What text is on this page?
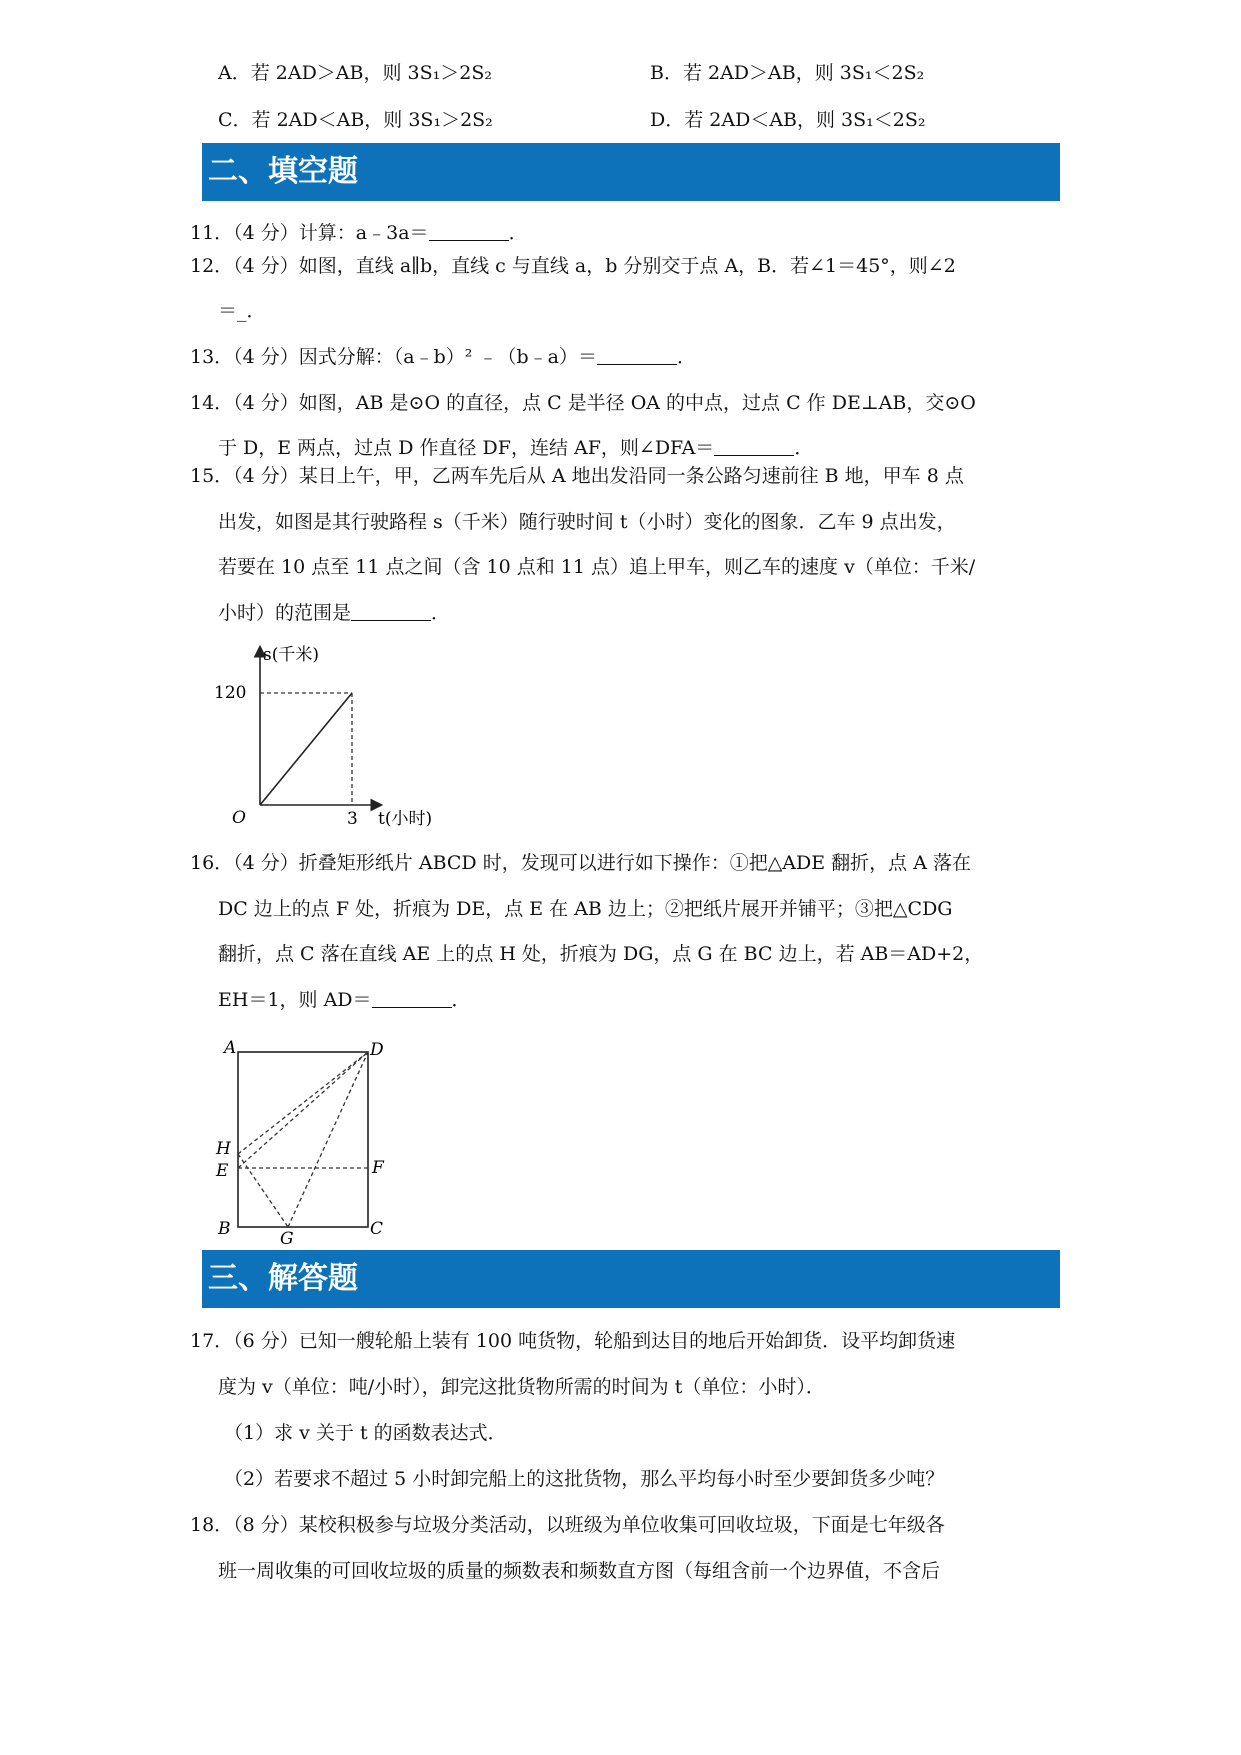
A．若 2AD＞AB，则 3S₁＞2S₂	B．若 2AD＞AB，则 3S₁＜2S₂
C．若 2AD＜AB，则 3S₁＞2S₂	D．若 2AD＜AB，则 3S₁＜2S₂
二、填空题
11．（4 分）计算：a﹣3a＝	．
12．（4 分）如图，直线 a∥b，直线 c 与直线 a，b 分别交于点 A，B．若∠1＝45°，则∠2
＝_．
13．（4 分）因式分解：（a﹣b）² ﹣（b﹣a）＝	．
14．（4 分）如图，AB 是⊙O 的直径，点 C 是半径 OA 的中点，过点 C 作 DE⊥AB，交⊙O
于 D，E 两点，过点 D 作直径 DF，连结 AF，则∠DFA＝	．
15．（4 分）某日上午，甲，乙两车先后从 A 地出发沿同一条公路匀速前往 B 地，甲车 8 点
出发，如图是其行驶路程 s（千米）随行驶时间 t（小时）变化的图象．乙车 9 点出发，
若要在 10 点至 11 点之间（含 10 点和 11 点）追上甲车，则乙车的速度 v（单位：千米/
小时）的范围是	．
s(千米)
120
O	3 t(小时)
16．（4 分）折叠矩形纸片 ABCD 时，发现可以进行如下操作：①把△ADE 翻折，点 A 落在
DC 边上的点 F 处，折痕为 DE，点 E 在 AB 边上；②把纸片展开并铺平；③把△CDG
翻折，点 C 落在直线 AE 上的点 H 处，折痕为 DG，点 G 在 BC 边上，若 AB＝AD+2，
EH＝1，则 AD＝	．
A	D
H
E	F
B	G	C
三、解答题
17．（6 分）已知一艘轮船上装有 100 吨货物，轮船到达目的地后开始卸货．设平均卸货速
度为 v（单位：吨/小时），卸完这批货物所需的时间为 t（单位：小时）．
（1）求 v 关于 t 的函数表达式．
（2）若要求不超过 5 小时卸完船上的这批货物，那么平均每小时至少要卸货多少吨？
18．（8 分）某校积极参与垃圾分类活动，以班级为单位收集可回收垃圾，下面是七年级各
班一周收集的可回收垃圾的质量的频数表和频数直方图（每组含前一个边界值，不含后
